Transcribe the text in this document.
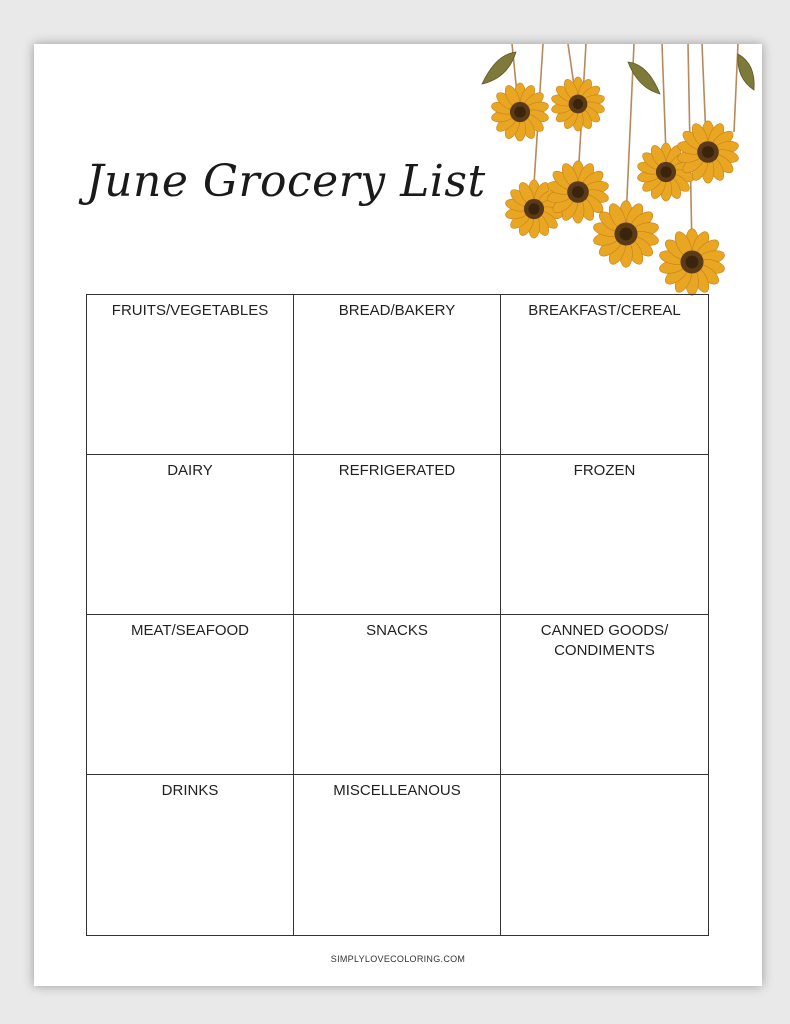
June Grocery List
FRUITS/VEGETABLES	BREAD/BAKERY	BREAKFAST/CEREAL
DAIRY	REFRIGERATED	FROZEN
MEAT/SEAFOOD	SNACKS	CANNED GOODS/
CONDIMENTS
DRINKS	MISCELLEANOUS
SIMPLYLOVECOLORING.COM
